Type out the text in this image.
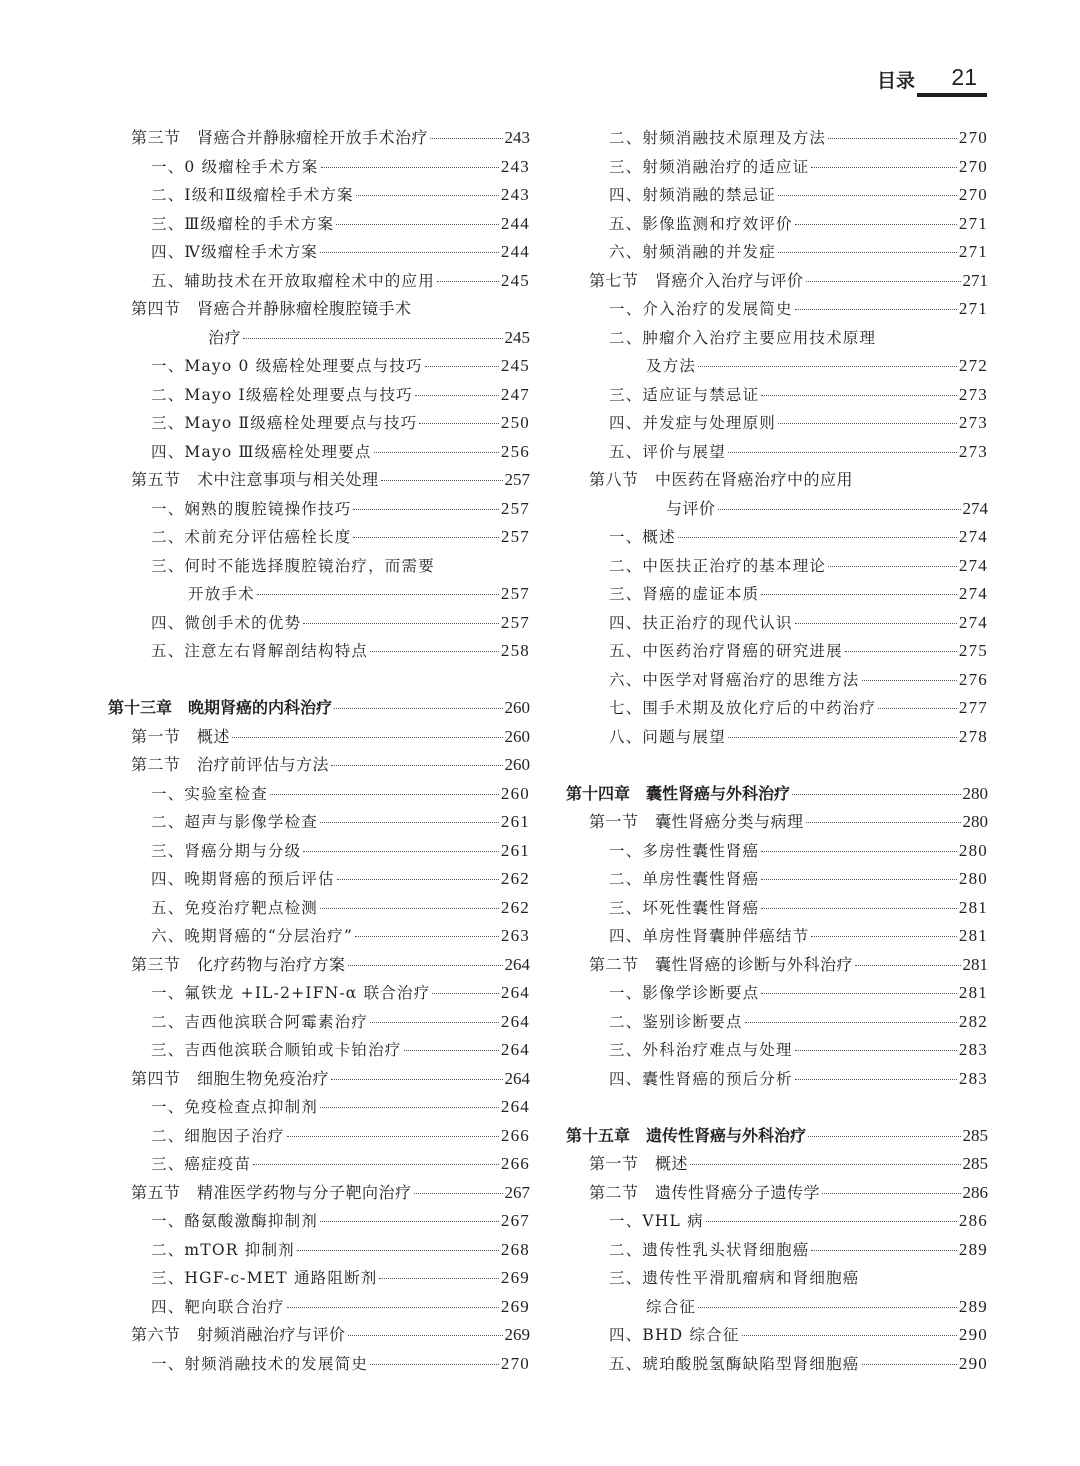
目录 21
第三节　肾癌合并静脉瘤栓开放手术治疗	243
一、0 级瘤栓手术方案	243
二、Ⅰ级和Ⅱ级瘤栓手术方案	243
三、Ⅲ级瘤栓的手术方案	244
四、Ⅳ级瘤栓手术方案	244
五、辅助技术在开放取瘤栓术中的应用	245
第四节　肾癌合并静脉瘤栓腹腔镜手术
治疗	245
一、Mayo 0 级癌栓处理要点与技巧	245
二、Mayo Ⅰ级癌栓处理要点与技巧	247
三、Mayo Ⅱ级癌栓处理要点与技巧	250
四、Mayo Ⅲ级癌栓处理要点	256
第五节　术中注意事项与相关处理	257
一、娴熟的腹腔镜操作技巧	257
二、术前充分评估癌栓长度	257
三、何时不能选择腹腔镜治疗，而需要
开放手术	257
四、微创手术的优势	257
五、注意左右肾解剖结构特点	258
第十三章　晚期肾癌的内科治疗	260
第一节　概述	260
第二节　治疗前评估与方法	260
一、实验室检查	260
二、超声与影像学检查	261
三、肾癌分期与分级	261
四、晚期肾癌的预后评估	262
五、免疫治疗靶点检测	262
六、晚期肾癌的“分层治疗”	263
第三节　化疗药物与治疗方案	264
一、氟铁龙 +IL-2+IFN-α 联合治疗	264
二、吉西他滨联合阿霉素治疗	264
三、吉西他滨联合顺铂或卡铂治疗	264
第四节　细胞生物免疫治疗	264
一、免疫检查点抑制剂	264
二、细胞因子治疗	266
三、癌症疫苗	266
第五节　精准医学药物与分子靶向治疗	267
一、酪氨酸激酶抑制剂	267
二、mTOR 抑制剂	268
三、HGF-c-MET 通路阻断剂	269
四、靶向联合治疗	269
第六节　射频消融治疗与评价	269
一、射频消融技术的发展简史	270
二、射频消融技术原理及方法	270
三、射频消融治疗的适应证	270
四、射频消融的禁忌证	270
五、影像监测和疗效评价	271
六、射频消融的并发症	271
第七节　肾癌介入治疗与评价	271
一、介入治疗的发展简史	271
二、肿瘤介入治疗主要应用技术原理
及方法	272
三、适应证与禁忌证	273
四、并发症与处理原则	273
五、评价与展望	273
第八节　中医药在肾癌治疗中的应用
与评价	274
一、概述	274
二、中医扶正治疗的基本理论	274
三、肾癌的虚证本质	274
四、扶正治疗的现代认识	274
五、中医药治疗肾癌的研究进展	275
六、中医学对肾癌治疗的思维方法	276
七、围手术期及放化疗后的中药治疗	277
八、问题与展望	278
第十四章　囊性肾癌与外科治疗	280
第一节　囊性肾癌分类与病理	280
一、多房性囊性肾癌	280
二、单房性囊性肾癌	280
三、坏死性囊性肾癌	281
四、单房性肾囊肿伴癌结节	281
第二节　囊性肾癌的诊断与外科治疗	281
一、影像学诊断要点	281
二、鉴别诊断要点	282
三、外科治疗难点与处理	283
四、囊性肾癌的预后分析	283
第十五章　遗传性肾癌与外科治疗	285
第一节　概述	285
第二节　遗传性肾癌分子遗传学	286
一、VHL 病	286
二、遗传性乳头状肾细胞癌	289
三、遗传性平滑肌瘤病和肾细胞癌
综合征	289
四、BHD 综合征	290
五、琥珀酸脱氢酶缺陷型肾细胞癌	290
